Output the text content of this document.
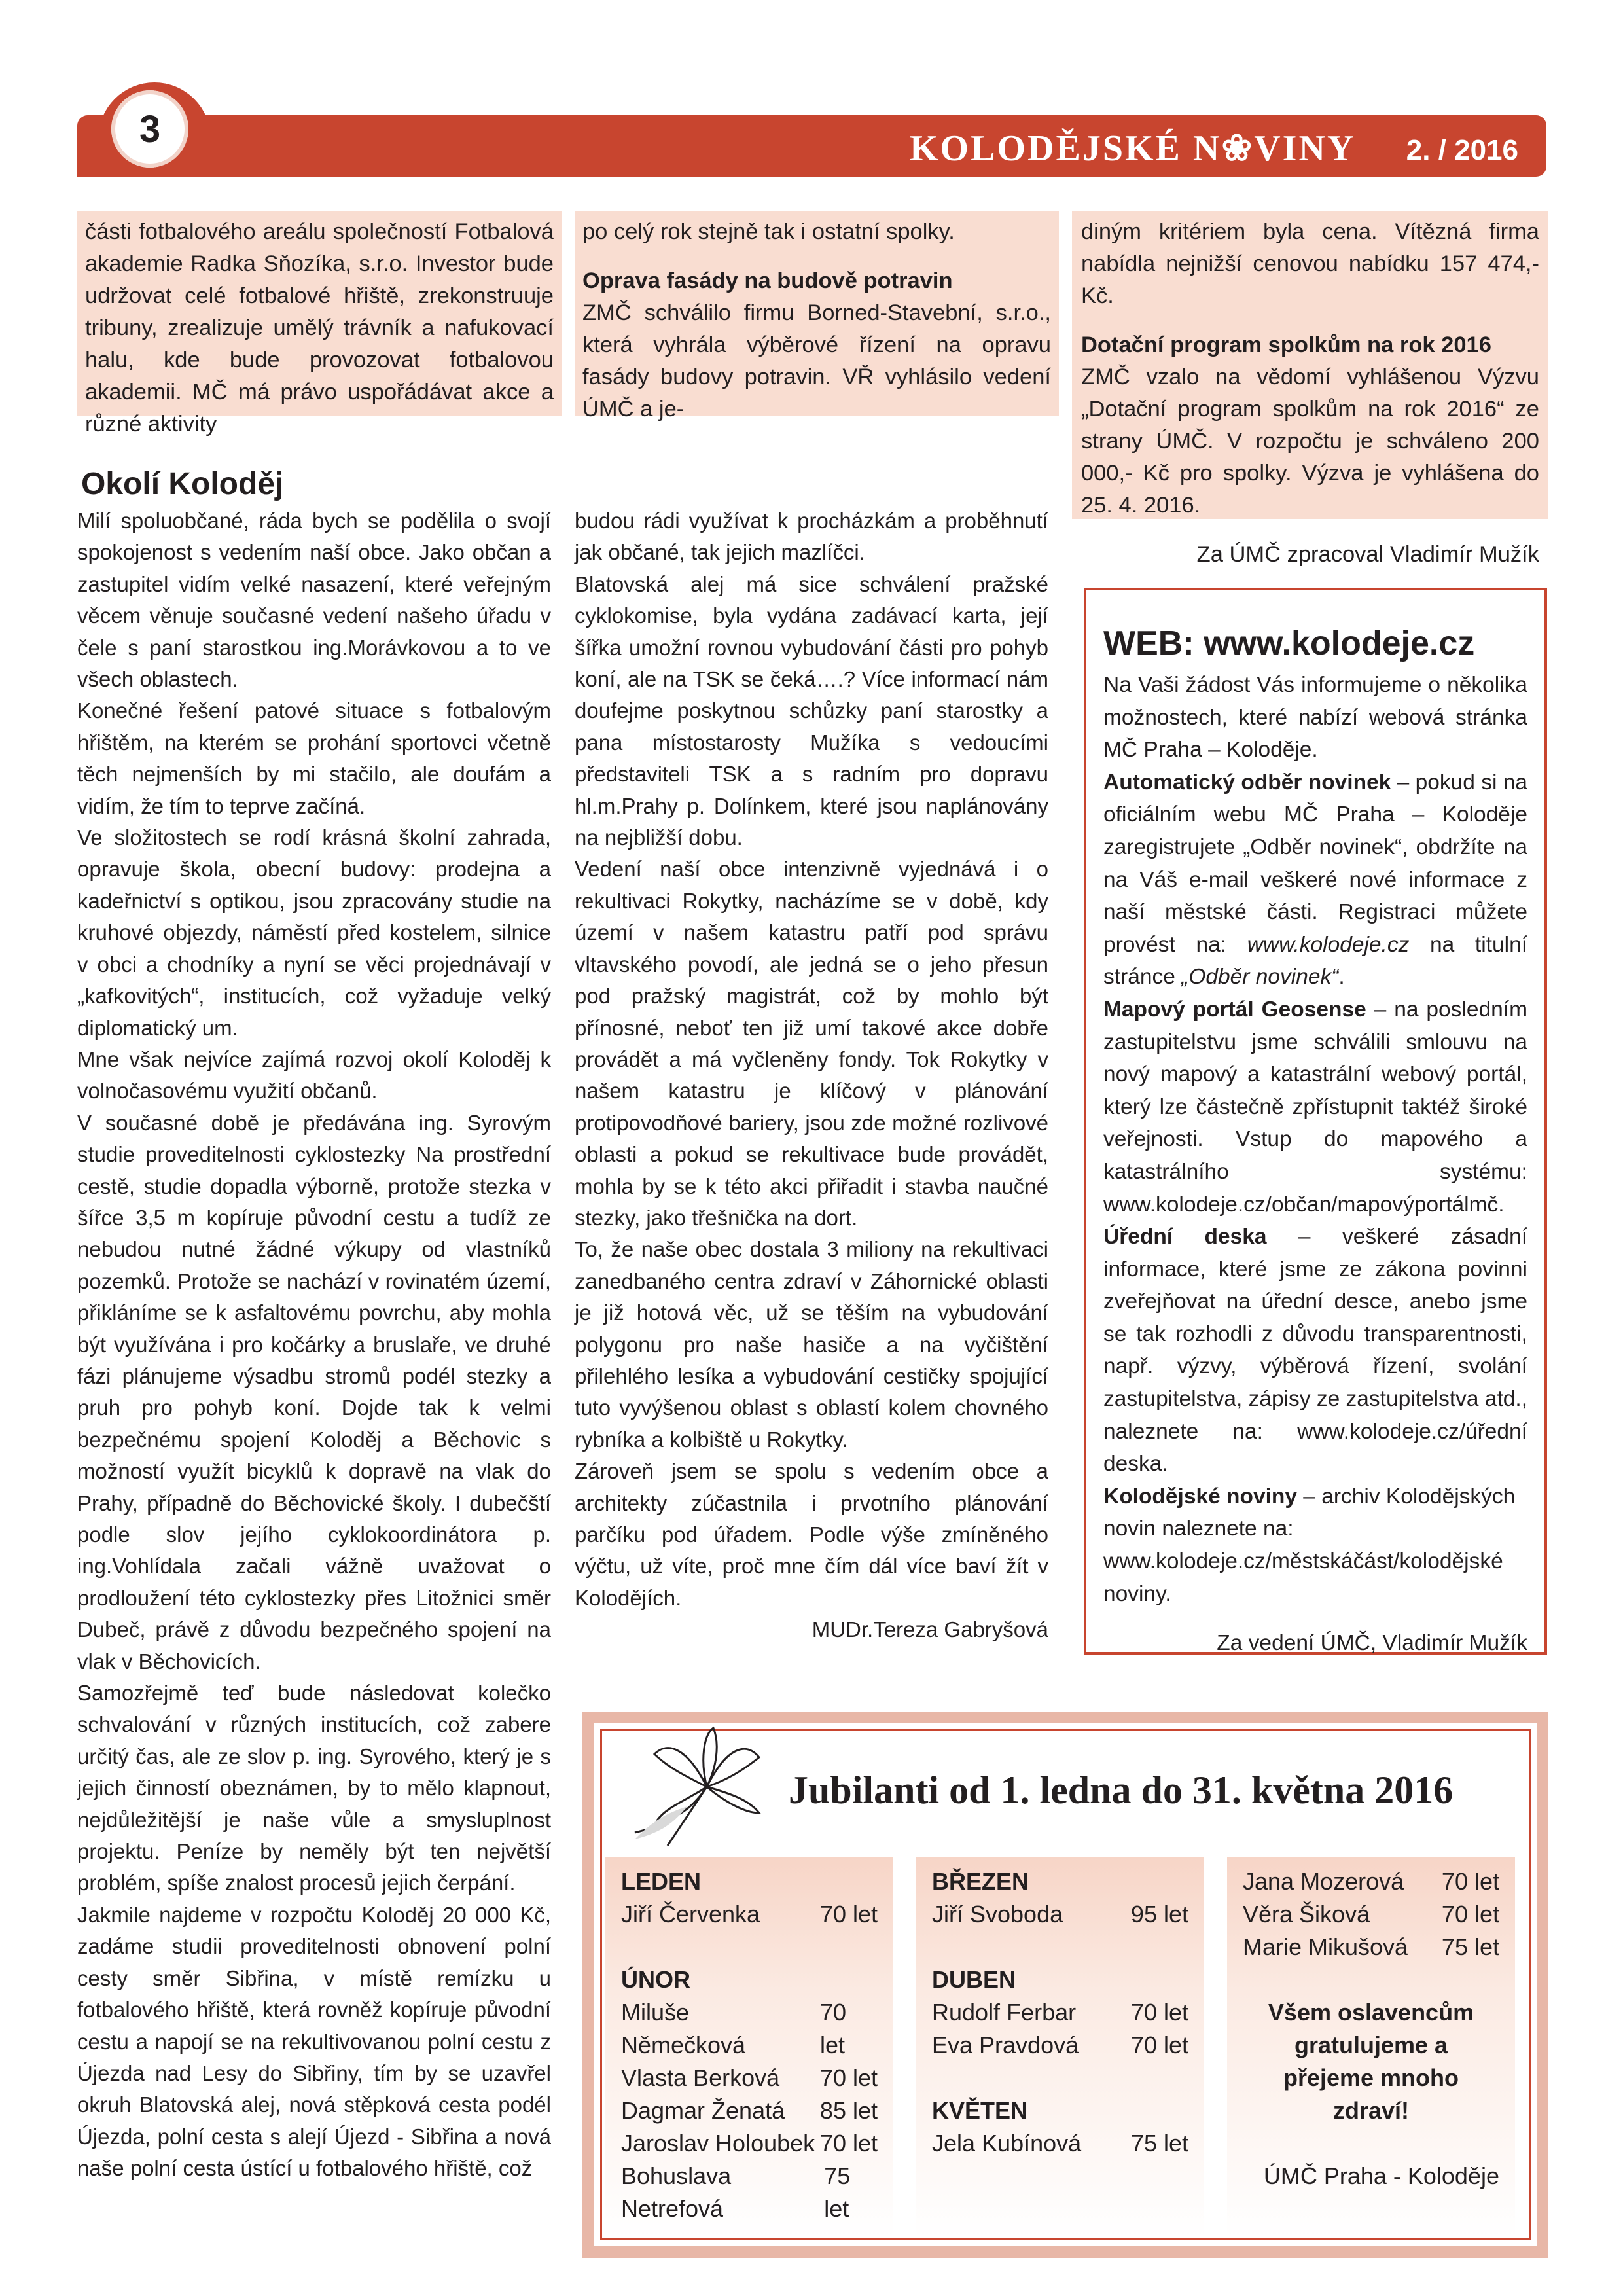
3	KOLODĚJSKÉ N❀VINY	2. / 2016
části fotbalového areálu společností Fotbalová akademie Radka Sňozíka, s.r.o. Investor bude udržovat celé fotbalové hřiště, zrekonstruuje tribuny, zrealizuje umělý trávník a nafukovací halu, kde bude provozovat fotbalovou akademii. MČ má právo uspořádávat akce a různé aktivity

po celý rok stejně tak i ostatní spolky.

Oprava fasády na budově potravin

ZMČ schválilo firmu Borned-Stavební, s.r.o., která vyhrála výběrové řízení na opravu fasády budovy potravin. VŘ vyhlásilo vedení ÚMČ a je-

diným kritériem byla cena. Vítězná firma nabídla nejnižší cenovou nabídku 157 474,- Kč.

Dotační program spolkům na rok 2016

ZMČ vzalo na vědomí vyhlášenou Výzvu „Dotační program spolkům na rok 2016“ ze strany ÚMČ. V rozpočtu je schváleno 200 000,- Kč pro spolky. Výzva je vyhlášena do 25. 4. 2016.

Za ÚMČ zpracoval Vladimír Mužík

Okolí Koloděj

Milí spoluobčané, ráda bych se podělila o svojí spokojenost s vedením naší obce. Jako občan a zastupitel vidím velké nasazení, které veřejným věcem věnuje současné vedení našeho úřadu v čele s paní starostkou ing.Morávkovou a to ve všech oblastech.

Konečné řešení patové situace s fotbalovým hřištěm, na kterém se prohání sportovci včetně těch nejmenších by mi stačilo, ale doufám a vidím, že tím to teprve začíná.

Ve složitostech se rodí krásná školní zahrada, opravuje škola, obecní budovy: prodejna a kadeřnictví s optikou, jsou zpracovány studie na kruhové objezdy, náměstí před kostelem, silnice v obci a chodníky a nyní se věci projednávají v „kafkovitých“, institucích, což vyžaduje velký diplomatický um.

Mne však nejvíce zajímá rozvoj okolí Koloděj k volnočasovému využití občanů.

V současné době je předávána ing. Syrovým studie proveditelnosti cyklostezky Na prostřední cestě, studie dopadla výborně, protože stezka v šířce 3,5 m kopíruje původní cestu a tudíž ze nebudou nutné žádné výkupy od vlastníků pozemků. Protože se nachází v rovinatém území, přikláníme se k asfaltovému povrchu, aby mohla být využívána i pro kočárky a bruslaře, ve druhé fázi plánujeme výsadbu stromů podél stezky a pruh pro pohyb koní. Dojde tak k velmi bezpečnému spojení Koloděj a Běchovic s možností využít bicyklů k dopravě na vlak do Prahy, případně do Běchovické školy. I dubečští podle slov jejího cyklokoordinátora p. ing.Vohlídala začali vážně uvažovat o prodloužení této cyklostezky přes Litožnici směr Dubeč, právě z důvodu bezpečného spojení na vlak v Běchovicích.

Samozřejmě teď bude následovat kolečko schvalování v různých institucích, což zabere určitý čas, ale ze slov p. ing. Syrového, který je s jejich činností obeznámen, by to mělo klapnout, nejdůležitější je naše vůle a smysluplnost projektu. Peníze by neměly být ten největší problém, spíše znalost procesů jejich čerpání.

Jakmile najdeme v rozpočtu Koloděj 20 000 Kč, zadáme studii proveditelnosti obnovení polní cesty směr Sibřina, v místě remízku u fotbalového hřiště, která rovněž kopíruje původní cestu a napojí se na rekultivovanou polní cestu z Újezda nad Lesy do Sibřiny, tím by se uzavřel okruh Blatovská alej, nová stěpková cesta podél Újezda, polní cesta s alejí Újezd - Sibřina a nová naše polní cesta ústící u fotbalového hřiště, což

budou rádi využívat k procházkám a proběhnutí jak občané, tak jejich mazlíčci.

Blatovská alej má sice schválení pražské cyklokomise, byla vydána zadávací karta, její šířka umožní rovnou vybudování části pro pohyb koní, ale na TSK se čeká….? Více informací nám doufejme poskytnou schůzky paní starostky a pana místostarosty Mužíka s vedoucími představiteli TSK a s radním pro dopravu hl.m.Prahy p. Dolínkem, které jsou naplánovány na nejbližší dobu.

Vedení naší obce intenzivně vyjednává i o rekultivaci Rokytky, nacházíme se v době, kdy území v našem katastru patří pod správu vltavského povodí, ale jedná se o jeho přesun pod pražský magistrát, což by mohlo být přínosné, neboť ten již umí takové akce dobře provádět a má vyčleněny fondy. Tok Rokytky v našem katastru je klíčový v plánování protipovodňové bariery, jsou zde možné rozlivové oblasti a pokud se rekultivace bude provádět, mohla by se k této akci přiřadit i stavba naučné stezky, jako třešnička na dort.

To, že naše obec dostala 3 miliony na rekultivaci zanedbaného centra zdraví v Záhornické oblasti je již hotová věc, už se těším na vybudování polygonu pro naše hasiče a na vyčištění přilehlého lesíka a vybudování cestičky spojující tuto vyvýšenou oblast s oblastí kolem chovného rybníka a kolbiště u Rokytky.

Zároveň jsem se spolu s vedením obce a architekty zúčastnila i prvotního plánování parčíku pod úřadem. Podle výše zmíněného výčtu, už víte, proč mne čím dál více baví žít v Kolodějích.

MUDr.Tereza Gabryšová

WEB: www.kolodeje.cz

Na Vaši žádost Vás informujeme o několika možnostech, které nabízí webová stránka MČ Praha – Koloděje.

Automatický odběr novinek – pokud si na oficiálním webu MČ Praha – Koloděje zaregistrujete „Odběr novinek“, obdržíte na na Váš e-mail veškeré nové informace z naší městské části. Registraci můžete provést na: www.kolodeje.cz na titulní stránce „Odběr novinek“.

Mapový portál Geosense – na posledním zastupitelstvu jsme schválili smlouvu na nový mapový a katastrální webový portál, který lze částečně zpřístupnit taktéž široké veřejnosti. Vstup do mapového a katastrálního systému: www.kolodeje.cz/občan/mapovýportálmč.

Úřední deska – veškeré zásadní informace, které jsme ze zákona povinni zveřejňovat na úřední desce, anebo jsme se tak rozhodli z důvodu transparentnosti, např. výzvy, výběrová řízení, svolání zastupitelstva, zápisy ze zastupitelstva atd., naleznete na: www.kolodeje.cz/úřední deska.

Kolodějské noviny – archiv Kolodějských novin naleznete na: www.kolodeje.cz/městskáčást/kolodějské noviny.

Za vedení ÚMČ, Vladimír Mužík

Jubilanti od 1. ledna do 31. května 2016
LEDEN
Jiří Červenka	70 let
ÚNOR
Miluše Němečková
70 let
Vlasta Berková 70 let
Dagmar Ženatá 85 let
Jaroslav Holoubek 70 let
Bohuslava Netrefová
75 let
BŘEZEN
Jiří Svoboda	95 let
DUBEN
Rudolf Ferbar 70 let
Eva Pravdová 70 let
KVĚTEN
Jela Kubínová 75 let
Jana Mozerová 70 let
Věra Šiková	70 let
Marie Mikušová 75 let
Všem oslavencům gratulujeme a přejeme mnoho zdraví!
ÚMČ Praha - Koloděje
